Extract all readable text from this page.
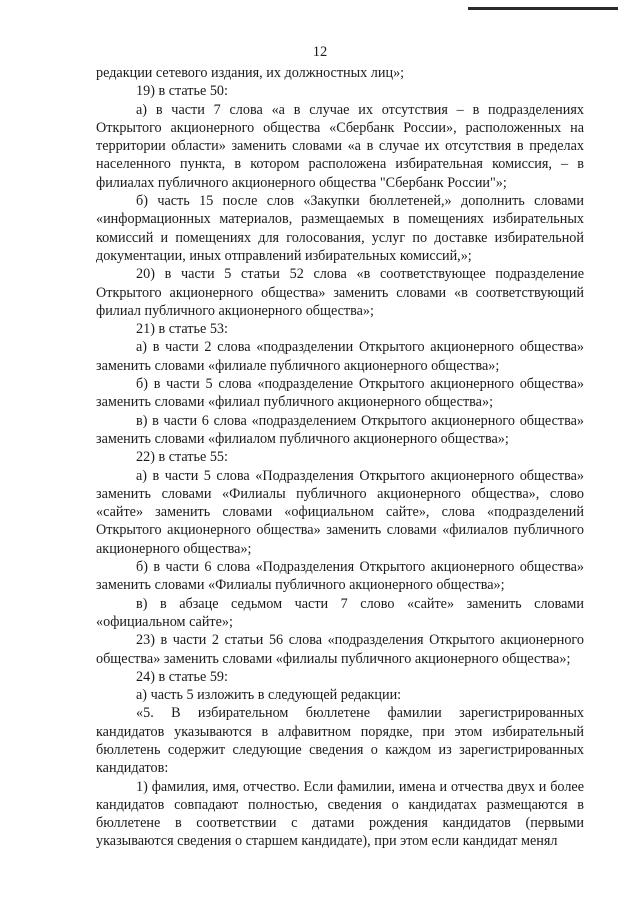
12

редакции сетевого издания, их должностных лиц»;

19) в статье 50:

а) в части 7 слова «а в случае их отсутствия – в подразделениях Открытого акционерного общества «Сбербанк России», расположенных на территории области» заменить словами «а в случае их отсутствия в пределах населенного пункта, в котором расположена избирательная комиссия, – в филиалах публичного акционерного общества "Сбербанк России"»;

б) часть 15 после слов «Закупки бюллетеней,» дополнить словами «информационных материалов, размещаемых в помещениях избирательных комиссий и помещениях для голосования, услуг по доставке избирательной документации, иных отправлений избирательных комиссий,»;

20) в части 5 статьи 52 слова «в соответствующее подразделение Открытого акционерного общества» заменить словами «в соответствующий филиал публичного акционерного общества»;

21) в статье 53:

а) в части 2 слова «подразделении Открытого акционерного общества» заменить словами «филиале публичного акционерного общества»;

б) в части 5 слова «подразделение Открытого акционерного общества» заменить словами «филиал публичного акционерного общества»;

в) в части 6 слова «подразделением Открытого акционерного общества» заменить словами «филиалом публичного акционерного общества»;

22) в статье 55:

а) в части 5 слова «Подразделения Открытого акционерного общества» заменить словами «Филиалы публичного акционерного общества», слово «сайте» заменить словами «официальном сайте», слова «подразделений Открытого акционерного общества» заменить словами «филиалов публичного акционерного общества»;

б) в части 6 слова «Подразделения Открытого акционерного общества» заменить словами «Филиалы публичного акционерного общества»;

в) в абзаце седьмом части 7 слово «сайте» заменить словами «официальном сайте»;

23) в части 2 статьи 56 слова «подразделения Открытого акционерного общества» заменить словами «филиалы публичного акционерного общества»;

24) в статье 59:

а) часть 5 изложить в следующей редакции:

«5. В избирательном бюллетене фамилии зарегистрированных кандидатов указываются в алфавитном порядке, при этом избирательный бюллетень содержит следующие сведения о каждом из зарегистрированных кандидатов:

1) фамилия, имя, отчество. Если фамилии, имена и отчества двух и более кандидатов совпадают полностью, сведения о кандидатах размещаются в бюллетене в соответствии с датами рождения кандидатов (первыми указываются сведения о старшем кандидате), при этом если кандидат менял
